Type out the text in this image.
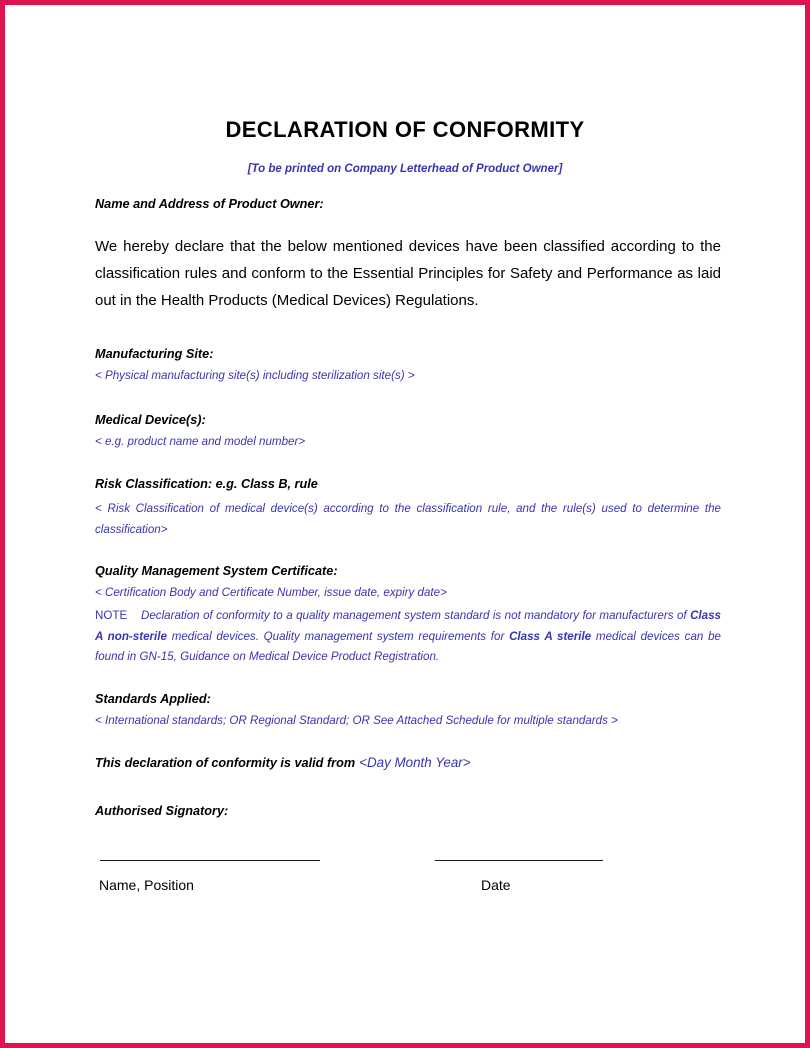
DECLARATION OF CONFORMITY
[To be printed on Company Letterhead of Product Owner]
Name and Address of Product Owner:
We hereby declare that the below mentioned devices have been classified according to the classification rules and conform to the Essential Principles for Safety and Performance as laid out in the Health Products (Medical Devices) Regulations.
Manufacturing Site:
< Physical manufacturing site(s) including sterilization site(s) >
Medical Device(s):
< e.g. product name and model number>
Risk Classification: e.g. Class B, rule
< Risk Classification of medical device(s) according to the classification rule, and the rule(s) used to determine the classification>
Quality Management System Certificate:
< Certification Body and Certificate Number, issue date, expiry date>
NOTE Declaration of conformity to a quality management system standard is not mandatory for manufacturers of Class A non-sterile medical devices. Quality management system requirements for Class A sterile medical devices can be found in GN-15, Guidance on Medical Device Product Registration.
Standards Applied:
< International standards; OR Regional Standard; OR See Attached Schedule for multiple standards >
This declaration of conformity is valid from <Day Month Year>
Authorised Signatory:
Name, Position	Date
